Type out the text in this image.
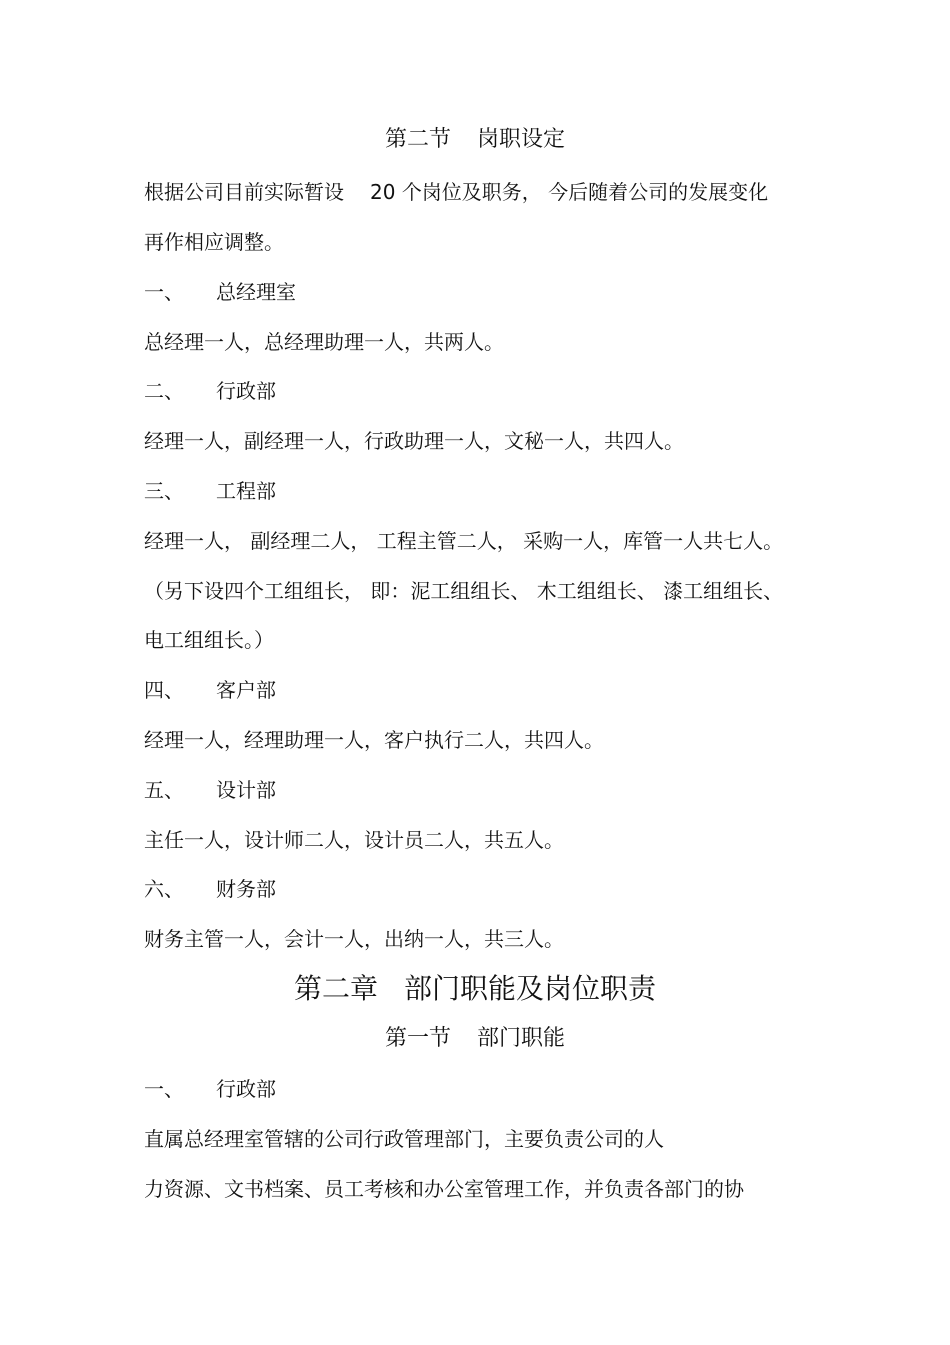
第二节 岗职设定
根据公司目前实际暂设 20 个岗位及职务， 今后随着公司的发展变化
再作相应调整。
一、 总经理室
总经理一人，总经理助理一人，共两人。
二、 行政部
经理一人，副经理一人，行政助理一人，文秘一人，共四人。
三、 工程部
经理一人， 副经理二人， 工程主管二人， 采购一人，库管一人共七人。
（另下设四个工组组长， 即：泥工组组长、 木工组组长、 漆工组组长、
电工组组长。）
四、 客户部
经理一人，经理助理一人，客户执行二人，共四人。
五、 设计部
主任一人，设计师二人，设计员二人，共五人。
六、 财务部
财务主管一人，会计一人，出纳一人，共三人。
第二章 部门职能及岗位职责
第一节 部门职能
一、 行政部
直属总经理室管辖的公司行政管理部门，主要负责公司的人
力资源、文书档案、员工考核和办公室管理工作，并负责各部门的协
